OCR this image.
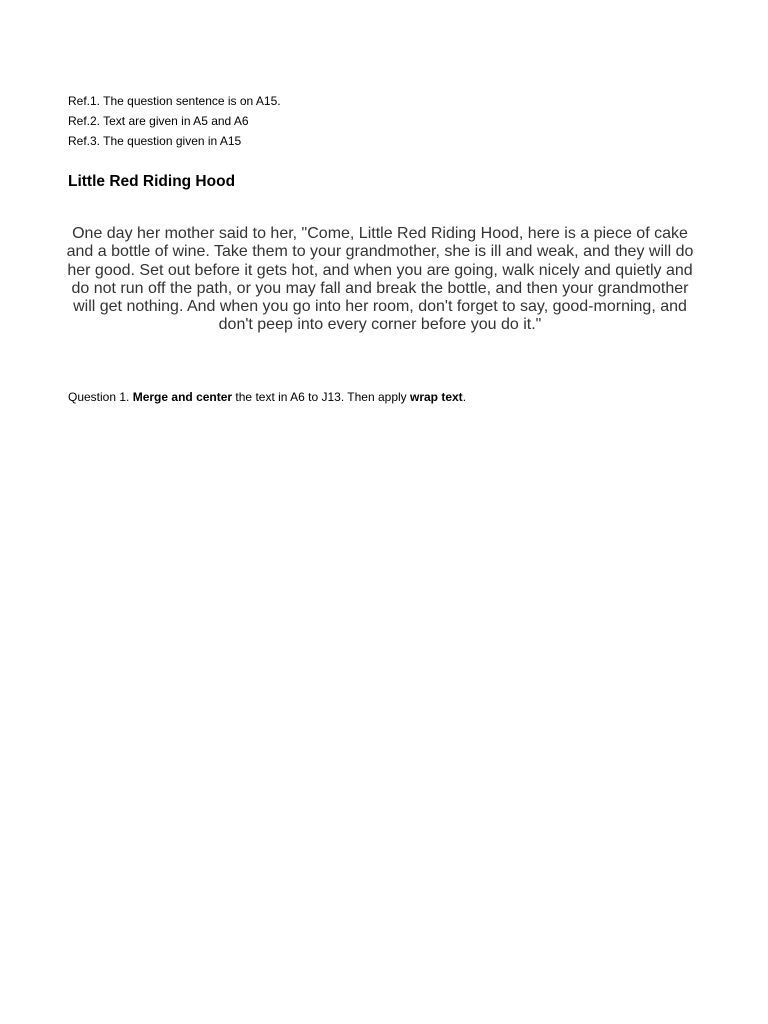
Ref.1. The question sentence is on A15.
Ref.2. Text are given in A5 and A6
Ref.3. The question given in A15
Little Red Riding Hood

One day her mother said to her, "Come, Little Red Riding Hood, here is a piece of cake and a bottle of wine. Take them to your grandmother, she is ill and weak, and they will do her good. Set out before it gets hot, and when you are going, walk nicely and quietly and do not run off the path, or you may fall and break the bottle, and then your grandmother will get nothing. And when you go into her room, don't forget to say, good-morning, and don't peep into every corner before you do it."

Question 1. Merge and center the text in A6 to J13. Then apply wrap text.
